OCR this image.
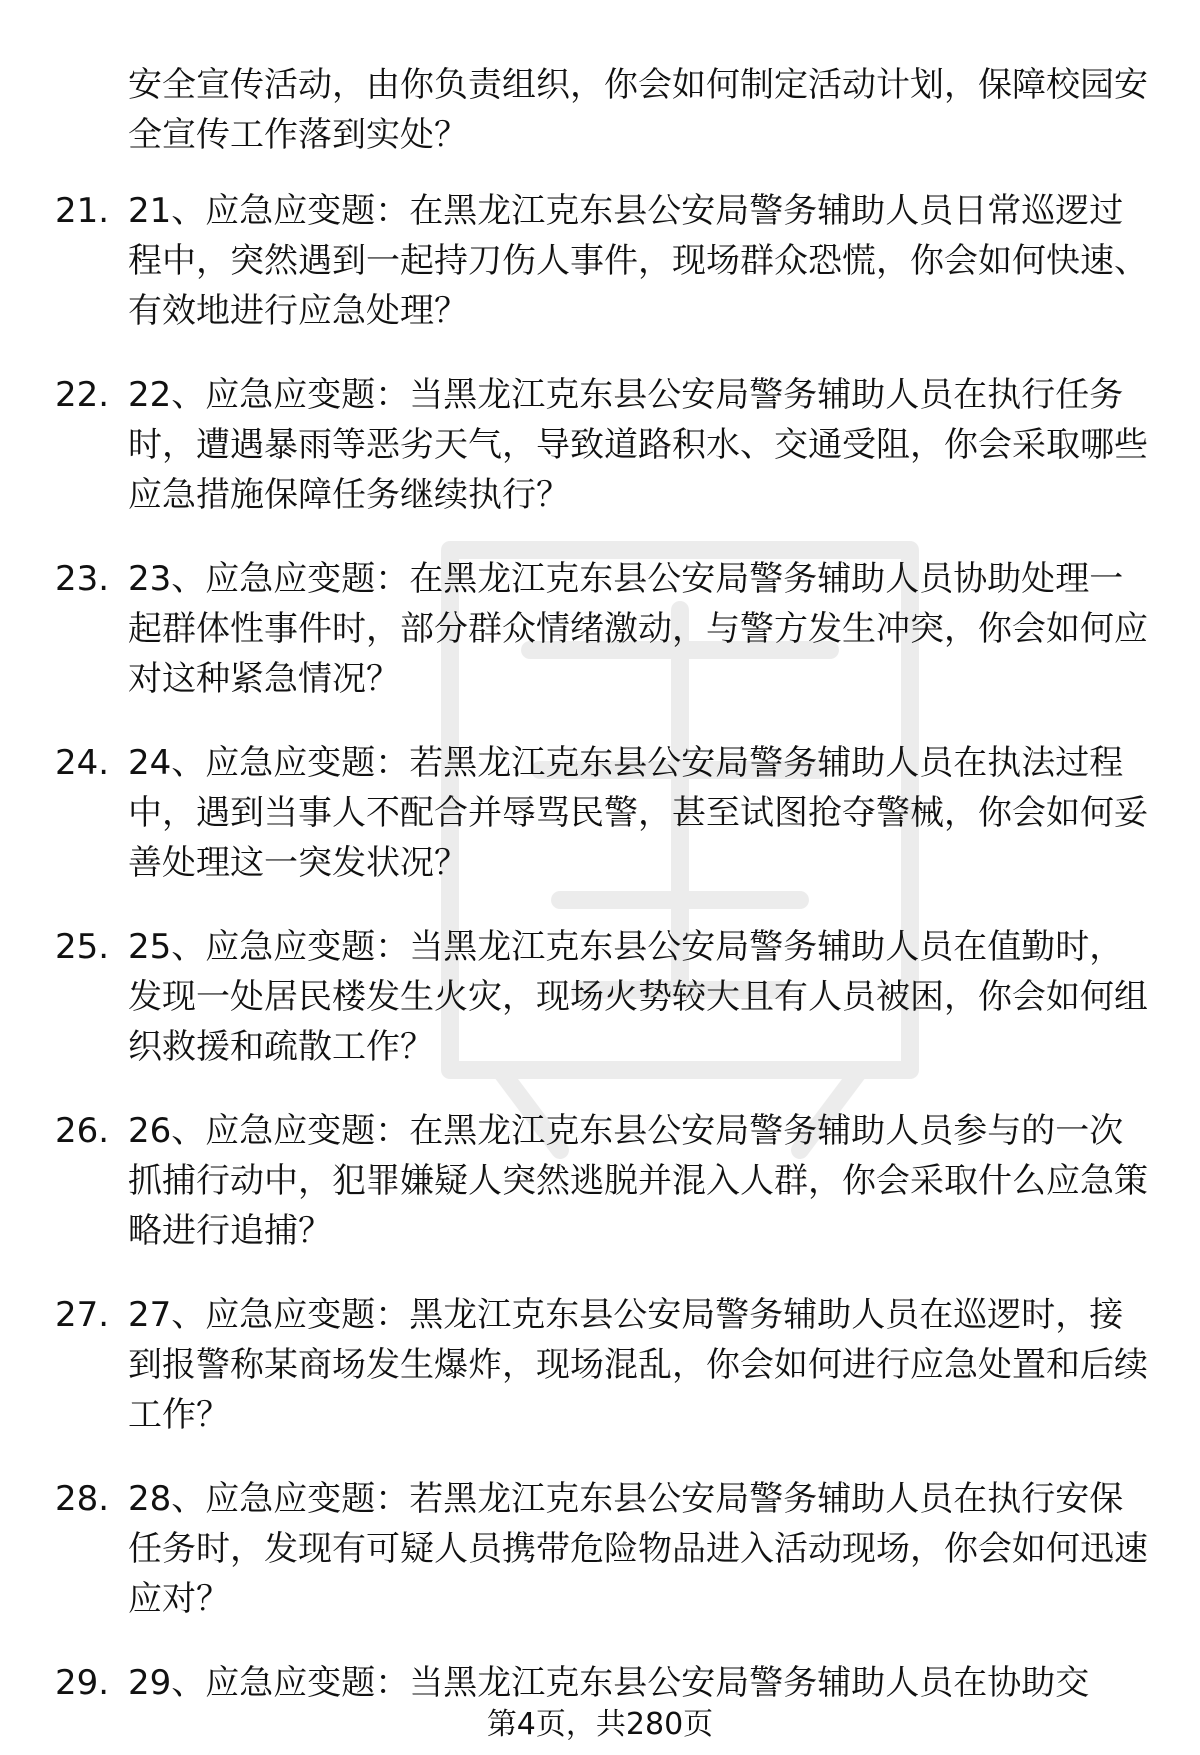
安全宣传活动，由你负责组织，你会如何制定活动计划，保障校园安全宣传工作落到实处？
21. 21、应急应变题：在黑龙江克东县公安局警务辅助人员日常巡逻过程中，突然遇到一起持刀伤人事件，现场群众恐慌，你会如何快速、有效地进行应急处理？
22. 22、应急应变题：当黑龙江克东县公安局警务辅助人员在执行任务时，遭遇暴雨等恶劣天气，导致道路积水、交通受阻，你会采取哪些应急措施保障任务继续执行？
23. 23、应急应变题：在黑龙江克东县公安局警务辅助人员协助处理一起群体性事件时，部分群众情绪激动，与警方发生冲突，你会如何应对这种紧急情况？
24. 24、应急应变题：若黑龙江克东县公安局警务辅助人员在执法过程中，遇到当事人不配合并辱骂民警，甚至试图抢夺警械，你会如何妥善处理这一突发状况？
25. 25、应急应变题：当黑龙江克东县公安局警务辅助人员在值勤时，发现一处居民楼发生火灾，现场火势较大且有人员被困，你会如何组织救援和疏散工作？
26. 26、应急应变题：在黑龙江克东县公安局警务辅助人员参与的一次抓捕行动中，犯罪嫌疑人突然逃脱并混入人群，你会采取什么应急策略进行追捕？
27. 27、应急应变题：黑龙江克东县公安局警务辅助人员在巡逻时，接到报警称某商场发生爆炸，现场混乱，你会如何进行应急处置和后续工作？
28. 28、应急应变题：若黑龙江克东县公安局警务辅助人员在执行安保任务时，发现有可疑人员携带危险物品进入活动现场，你会如何迅速应对？
29. 29、应急应变题：当黑龙江克东县公安局警务辅助人员在协助交
第4页，共280页
